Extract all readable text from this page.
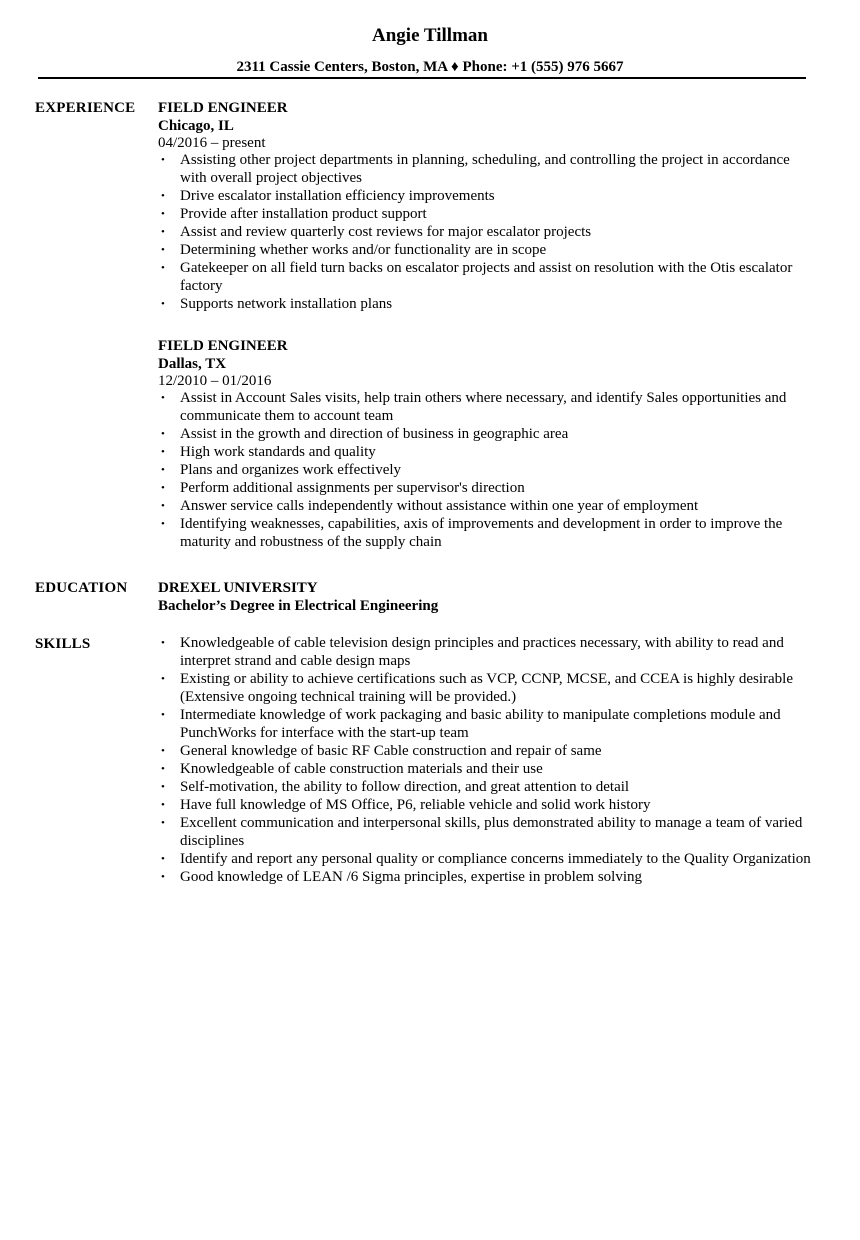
Angie Tillman
2311 Cassie Centers, Boston, MA ♦ Phone: +1 (555) 976 5667
EXPERIENCE FIELD ENGINEER
Chicago, IL
04/2016 – present
• Assisting other project departments in planning, scheduling, and controlling the project in accordance with overall project objectives
• Drive escalator installation efficiency improvements
• Provide after installation product support
• Assist and review quarterly cost reviews for major escalator projects
• Determining whether works and/or functionality are in scope
• Gatekeeper on all field turn backs on escalator projects and assist on resolution with the Otis escalator factory
• Supports network installation plans
FIELD ENGINEER
Dallas, TX
12/2010 – 01/2016
• Assist in Account Sales visits, help train others where necessary, and identify Sales opportunities and communicate them to account team
• Assist in the growth and direction of business in geographic area
• High work standards and quality
• Plans and organizes work effectively
• Perform additional assignments per supervisor's direction
• Answer service calls independently without assistance within one year of employment
• Identifying weaknesses, capabilities, axis of improvements and development in order to improve the maturity and robustness of the supply chain
EDUCATION DREXEL UNIVERSITY
Bachelor’s Degree in Electrical Engineering
SKILLS	• Knowledgeable of cable television design principles and practices necessary, with ability to read and interpret strand and cable design maps
• Existing or ability to achieve certifications such as VCP, CCNP, MCSE, and CCEA is highly desirable (Extensive ongoing technical training will be provided.)
• Intermediate knowledge of work packaging and basic ability to manipulate completions module and PunchWorks for interface with the start-up team
• General knowledge of basic RF Cable construction and repair of same
• Knowledgeable of cable construction materials and their use
• Self-motivation, the ability to follow direction, and great attention to detail
• Have full knowledge of MS Office, P6, reliable vehicle and solid work history
• Excellent communication and interpersonal skills, plus demonstrated ability to manage a team of varied disciplines
• Identify and report any personal quality or compliance concerns immediately to the Quality Organization
• Good knowledge of LEAN /6 Sigma principles, expertise in problem solving
